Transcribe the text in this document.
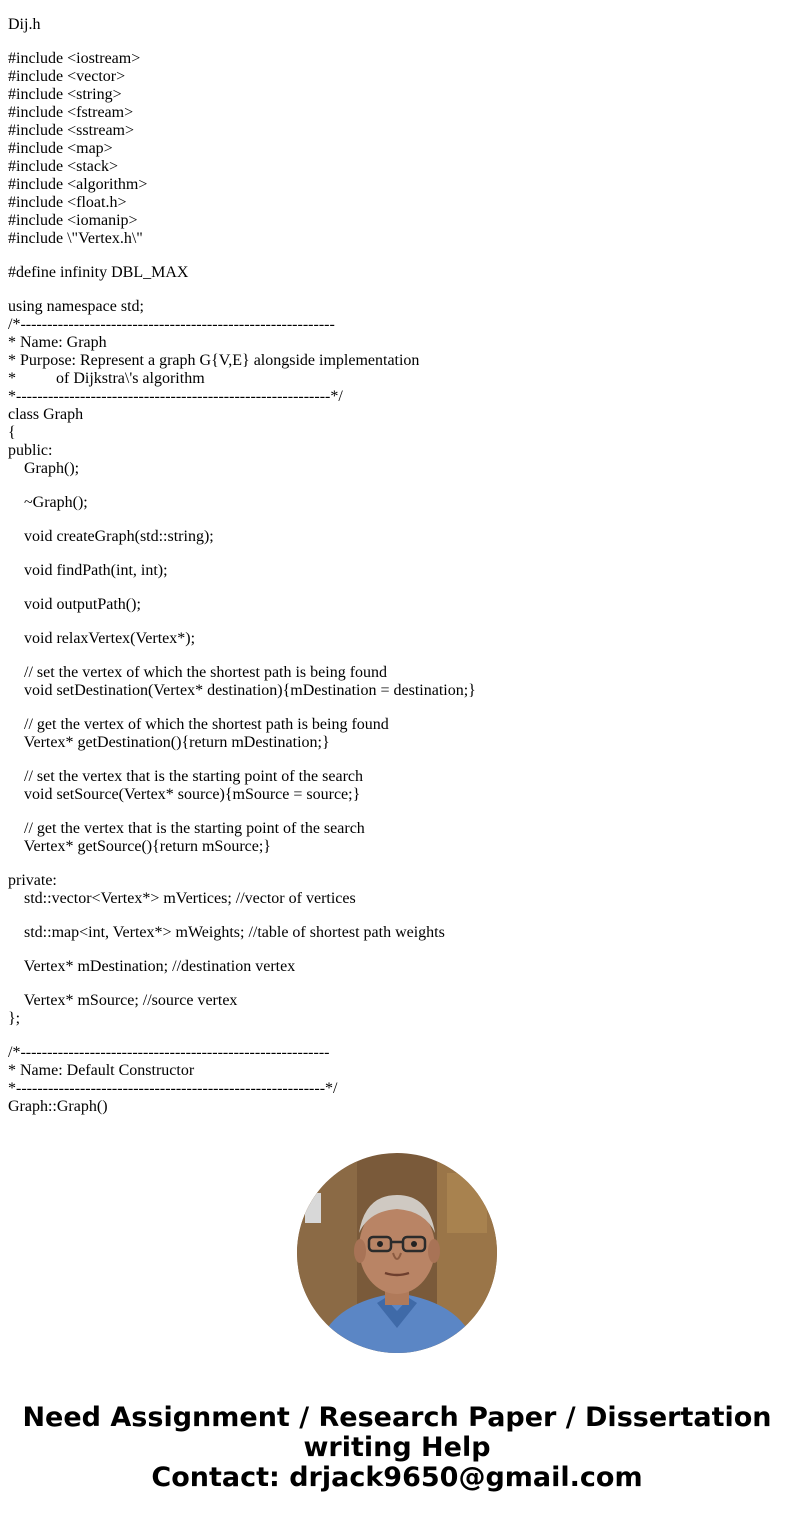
Dij.h
#include <iostream>
#include <vector>
#include <string>
#include <fstream>
#include <sstream>
#include <map>
#include <stack>
#include <algorithm>
#include <float.h>
#include <iomanip>
#include \"Vertex.h\"
#define infinity DBL_MAX
using namespace std;
/*-----------------------------------------------------------
* Name: Graph
* Purpose: Represent a graph G{V,E} alongside implementation
*          of Dijkstra\'s algorithm
*-----------------------------------------------------------*/
class Graph
{
public:
Graph();
~Graph();
void createGraph(std::string);
void findPath(int, int);
void outputPath();
void relaxVertex(Vertex*);
// set the vertex of which the shortest path is being found
void setDestination(Vertex* destination){mDestination = destination;}
// get the vertex of which the shortest path is being found
Vertex* getDestination(){return mDestination;}
// set the vertex that is the starting point of the search
void setSource(Vertex* source){mSource = source;}
// get the vertex that is the starting point of the search
Vertex* getSource(){return mSource;}
private:
std::vector<Vertex*> mVertices; //vector of vertices
std::map<int, Vertex*> mWeights; //table of shortest path weights
Vertex* mDestination; //destination vertex
Vertex* mSource; //source vertex
};
/*----------------------------------------------------------
* Name: Default Constructor
*----------------------------------------------------------*/
Graph::Graph()
Need Assignment / Research Paper / Dissertation
writing Help
Contact: drjack9650@gmail.com
